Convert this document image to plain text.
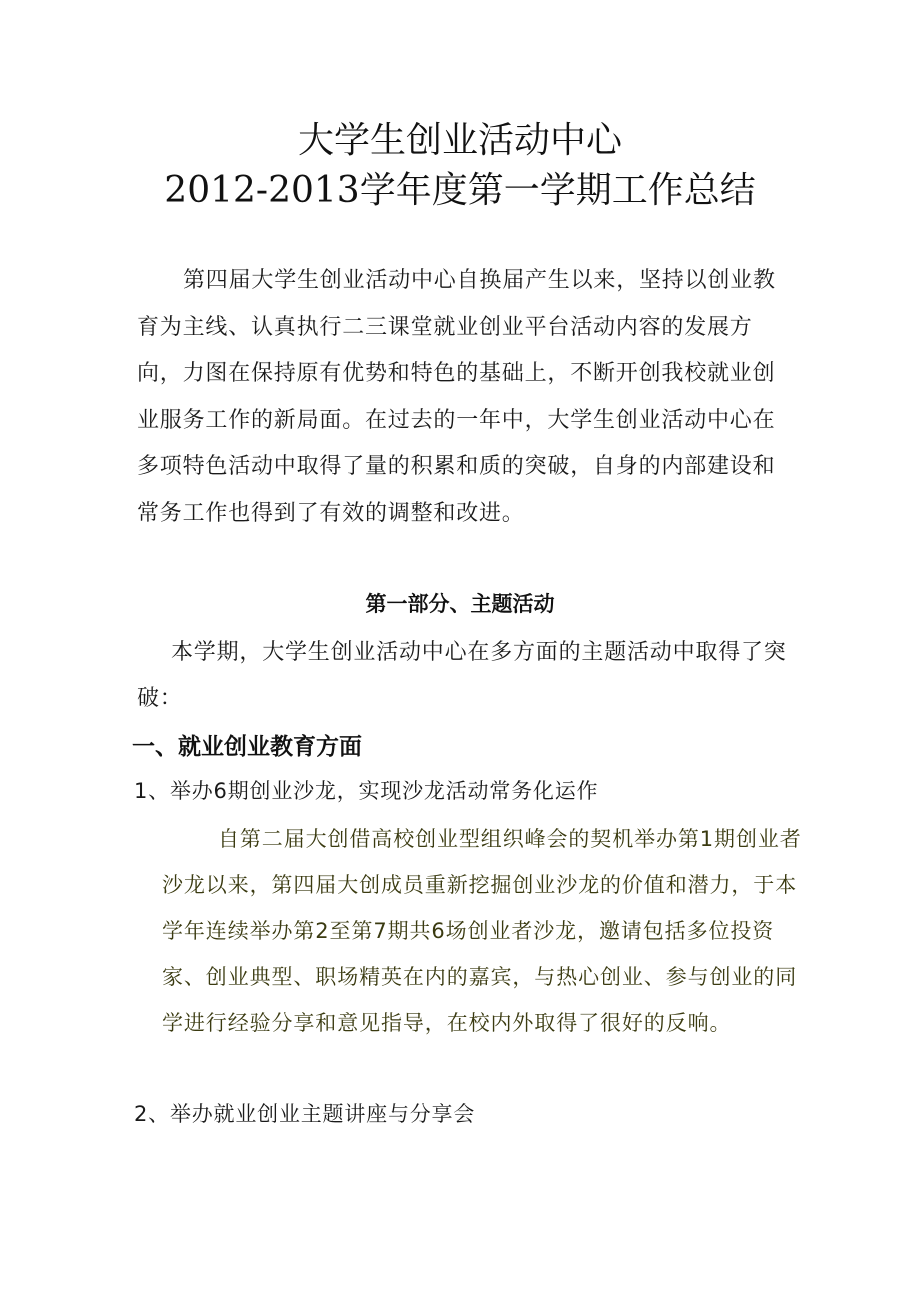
大学生创业活动中心
2012-2013学年度第一学期工作总结

第四届大学生创业活动中心自换届产生以来，坚持以创业教育为主线、认真执行二三课堂就业创业平台活动内容的发展方向，力图在保持原有优势和特色的基础上，不断开创我校就业创业服务工作的新局面。在过去的一年中，大学生创业活动中心在多项特色活动中取得了量的积累和质的突破，自身的内部建设和常务工作也得到了有效的调整和改进。

第一部分、主题活动

本学期，大学生创业活动中心在多方面的主题活动中取得了突破：

一、就业创业教育方面
1、举办6期创业沙龙，实现沙龙活动常务化运作

自第二届大创借高校创业型组织峰会的契机举办第1期创业者沙龙以来，第四届大创成员重新挖掘创业沙龙的价值和潜力，于本学年连续举办第2至第7期共6场创业者沙龙，邀请包括多位投资家、创业典型、职场精英在内的嘉宾，与热心创业、参与创业的同学进行经验分享和意见指导，在校内外取得了很好的反响。

2、举办就业创业主题讲座与分享会
